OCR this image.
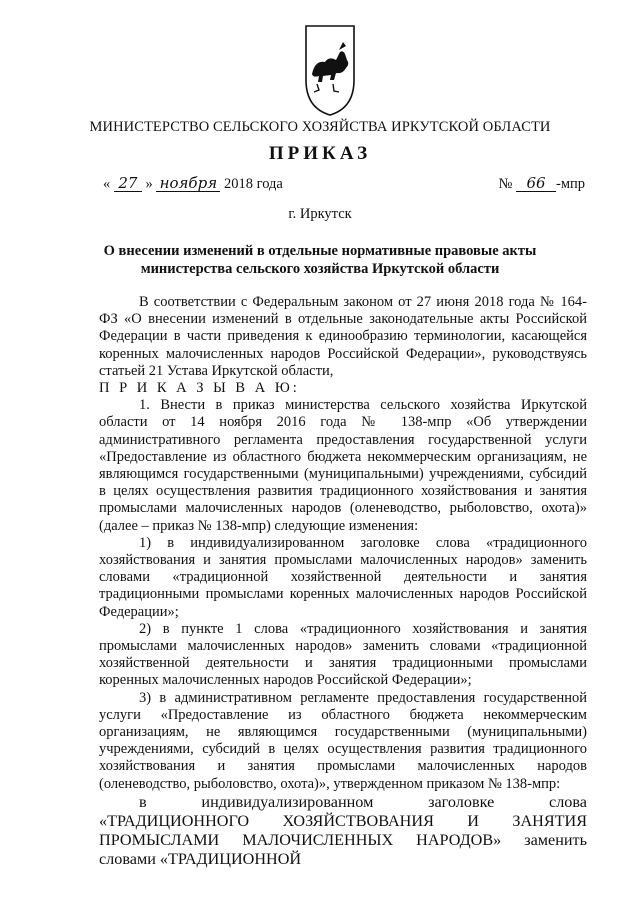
МИНИСТЕРСТВО СЕЛЬСКОГО ХОЗЯЙСТВА ИРКУТСКОЙ ОБЛАСТИ
ПРИКАЗ
« 27 » ноября 2018 года	№ 66 -мпр
г. Иркутск
О внесении изменений в отдельные нормативные правовые акты
министерства сельского хозяйства Иркутской области

В соответствии с Федеральным законом от 27 июня 2018 года № 164-ФЗ «О внесении изменений в отдельные законодательные акты Российской Федерации в части приведения к единообразию терминологии, касающейся коренных малочисленных народов Российской Федерации», руководствуясь статьей 21 Устава Иркутской области,

П Р И К А З Ы В А Ю:

1. Внести в приказ министерства сельского хозяйства Иркутской области от 14 ноября 2016 года № 138-мпр «Об утверждении административного регламента предоставления государственной услуги «Предоставление из областного бюджета некоммерческим организациям, не являющимся государственными (муниципальными) учреждениями, субсидий в целях осуществления развития традиционного хозяйствования и занятия промыслами малочисленных народов (оленеводство, рыболовство, охота)» (далее – приказ № 138-мпр) следующие изменения:

1) в индивидуализированном заголовке слова «традиционного хозяйствования и занятия промыслами малочисленных народов» заменить словами «традиционной хозяйственной деятельности и занятия традиционными промыслами коренных малочисленных народов Российской Федерации»;

2) в пункте 1 слова «традиционного хозяйствования и занятия промыслами малочисленных народов» заменить словами «традиционной хозяйственной деятельности и занятия традиционными промыслами коренных малочисленных народов Российской Федерации»;

3) в административном регламенте предоставления государственной услуги «Предоставление из областного бюджета некоммерческим организациям, не являющимся государственными (муниципальными) учреждениями, субсидий в целях осуществления развития традиционного хозяйствования и занятия промыслами малочисленных народов (оленеводство, рыболовство, охота)», утвержденном приказом № 138-мпр:

в индивидуализированном заголовке слова «ТРАДИЦИОННОГО ХОЗЯЙСТВОВАНИЯ И ЗАНЯТИЯ ПРОМЫСЛАМИ МАЛОЧИСЛЕННЫХ НАРОДОВ» заменить словами «ТРАДИЦИОННОЙ
